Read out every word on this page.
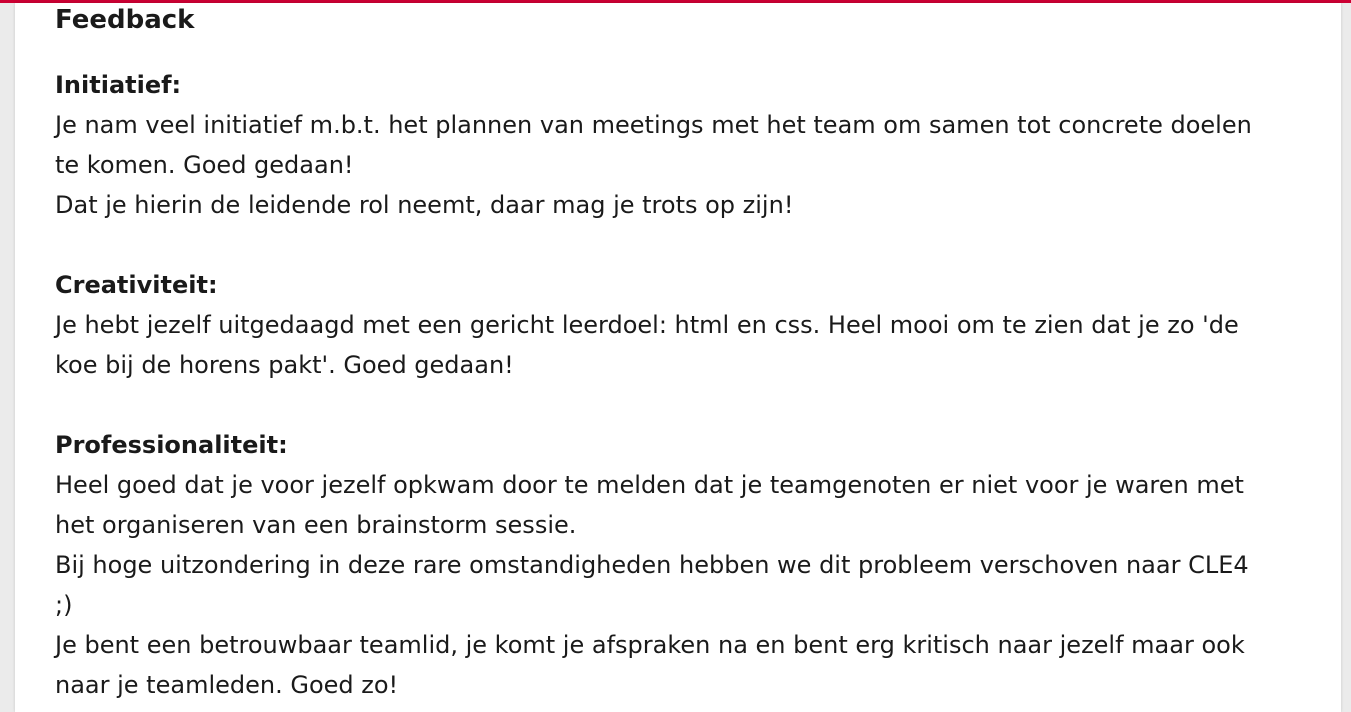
Feedback
Initiatief:
Je nam veel initiatief m.b.t. het plannen van meetings met het team om samen tot concrete doelen
te komen. Goed gedaan!
Dat je hierin de leidende rol neemt, daar mag je trots op zijn!
Creativiteit:
Je hebt jezelf uitgedaagd met een gericht leerdoel: html en css. Heel mooi om te zien dat je zo 'de
koe bij de horens pakt'. Goed gedaan!
Professionaliteit:
Heel goed dat je voor jezelf opkwam door te melden dat je teamgenoten er niet voor je waren met
het organiseren van een brainstorm sessie.
Bij hoge uitzondering in deze rare omstandigheden hebben we dit probleem verschoven naar CLE4
;)
Je bent een betrouwbaar teamlid, je komt je afspraken na en bent erg kritisch naar jezelf maar ook
naar je teamleden. Goed zo!
